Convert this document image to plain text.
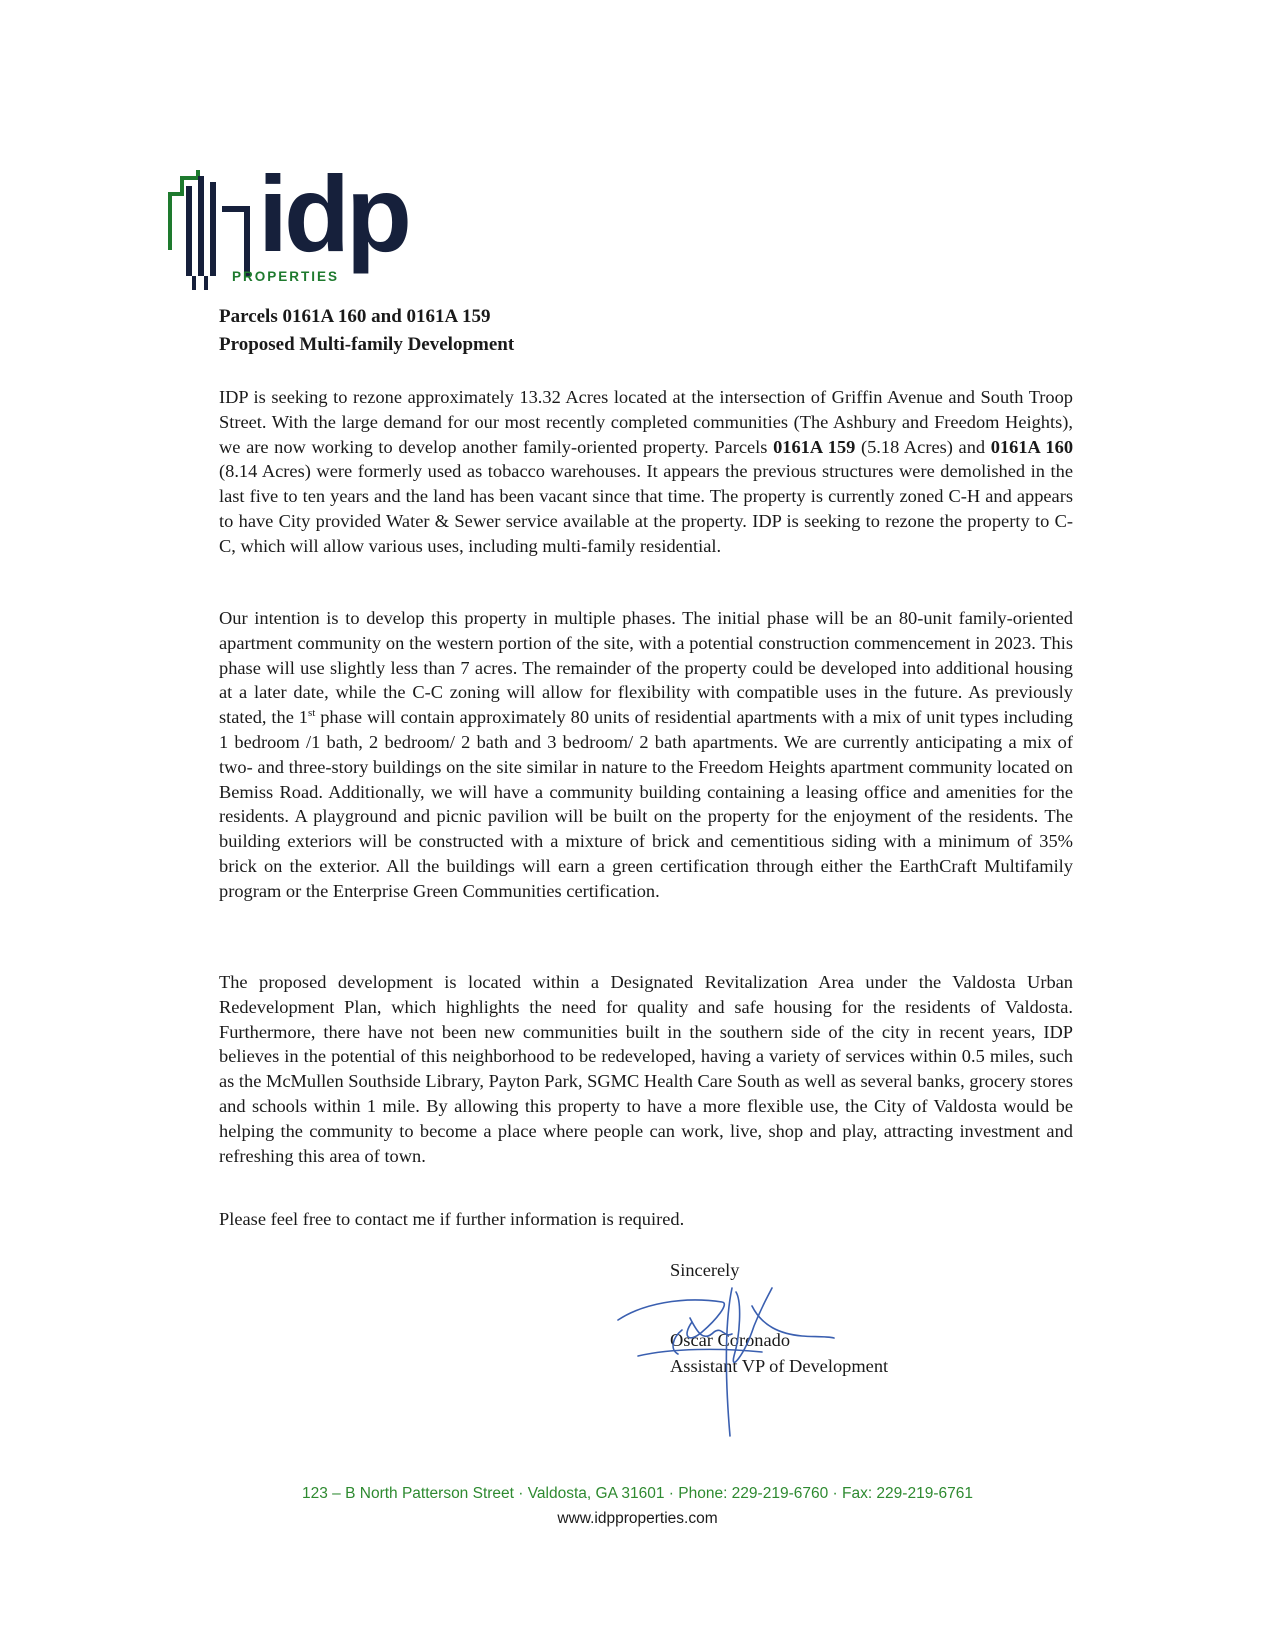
idp
PROPERTIES
Parcels 0161A 160 and 0161A 159
Proposed Multi-family Development

IDP is seeking to rezone approximately 13.32 Acres located at the intersection of Griffin Avenue and South Troop Street. With the large demand for our most recently completed communities (The Ashbury and Freedom Heights), we are now working to develop another family-oriented property. Parcels 0161A 159 (5.18 Acres) and 0161A 160 (8.14 Acres) were formerly used as tobacco warehouses. It appears the previous structures were demolished in the last five to ten years and the land has been vacant since that time. The property is currently zoned C-H and appears to have City provided Water & Sewer service available at the property. IDP is seeking to rezone the property to C-C, which will allow various uses, including multi-family residential.

Our intention is to develop this property in multiple phases. The initial phase will be an 80-unit family-oriented apartment community on the western portion of the site, with a potential construction commencement in 2023. This phase will use slightly less than 7 acres. The remainder of the property could be developed into additional housing at a later date, while the C-C zoning will allow for flexibility with compatible uses in the future. As previously stated, the 1st phase will contain approximately 80 units of residential apartments with a mix of unit types including 1 bedroom /1 bath, 2 bedroom/ 2 bath and 3 bedroom/ 2 bath apartments. We are currently anticipating a mix of two- and three-story buildings on the site similar in nature to the Freedom Heights apartment community located on Bemiss Road. Additionally, we will have a community building containing a leasing office and amenities for the residents. A playground and picnic pavilion will be built on the property for the enjoyment of the residents. The building exteriors will be constructed with a mixture of brick and cementitious siding with a minimum of 35% brick on the exterior. All the buildings will earn a green certification through either the EarthCraft Multifamily program or the Enterprise Green Communities certification.

The proposed development is located within a Designated Revitalization Area under the Valdosta Urban Redevelopment Plan, which highlights the need for quality and safe housing for the residents of Valdosta. Furthermore, there have not been new communities built in the southern side of the city in recent years, IDP believes in the potential of this neighborhood to be redeveloped, having a variety of services within 0.5 miles, such as the McMullen Southside Library, Payton Park, SGMC Health Care South as well as several banks, grocery stores and schools within 1 mile. By allowing this property to have a more flexible use, the City of Valdosta would be helping the community to become a place where people can work, live, shop and play, attracting investment and refreshing this area of town.

Please feel free to contact me if further information is required.

Sincerely
Oscar Coronado
Assistant VP of Development
123 – B North Patterson Street · Valdosta, GA 31601 · Phone: 229-219-6760 · Fax: 229-219-6761
www.idpproperties.com
